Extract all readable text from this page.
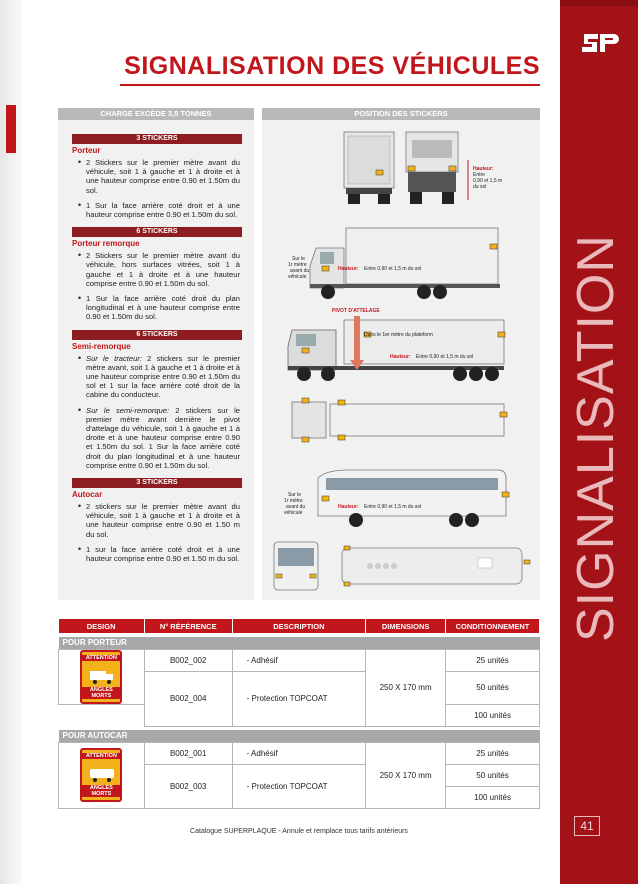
SIGNALISATION
41
SIGNALISATION DES VÉHICULES
CHARGE EXCÈDE 3,5 TONNES
3 STICKERS
Porteur
• 2 Stickers sur le premier mètre avant du véhicule, soit 1 à gauche et 1 à droite et à une hauteur comprise entre 0.90 et 1.50m du sol.
• 1 Sur la face arrière coté droit et à une hauteur comprise entre 0.90 et 1.50m du sol.
6 STICKERS
Porteur remorque
• 2 Stickers sur le premier mètre avant du véhicule, hors surfaces vitrées, soit 1 à gauche et 1 à droite et à une hauteur comprise entre 0.90 et 1.50m du sol.
• 1 Sur la face arrière coté droit du plan longitudinal et à une hauteur comprise entre 0.90 et 1.50m du sol.
6 STICKERS
Semi-remorque
• Sur le tracteur: 2 stickers sur le premier mètre avant, soit 1 à gauche et 1 à droite et à une hauteur comprise entre 0.90 et 1.50m du sol et 1 sur la face arrière coté droit de la cabine du conducteur.
• Sur le semi-remorque: 2 stickers sur le premier mètre avant derrière le pivot d'attelage du véhicule, soit 1 à gauche et 1 à droite et à une hauteur comprise entre 0.90 et 1.50m du sol. 1 Sur la face arrière coté droit du plan longitudinal et à une hauteur comprise entre 0.90 et 1.50m du sol.
3 STICKERS
Autocar
• 2 stickers sur le premier mètre avant du véhicule, soit 1 à gauche et 1 à droite et à une hauteur comprise entre 0.90 et 1.50 m du sol.
• 1 sur la face arrière coté droit et à une hauteur comprise entre 0.90 et 1.50 m du sol.
POSITION DES STICKERS
Hauteur:
Entre
0,90 et 1,5 m
du sol
Sur le
1r mètre
avant du
véhicule
Hauteur: Entre 0,90 et 1,5 m du sol
PIVOT D'ATTELAGE
Dans le 1er mètre du plateform
Hauteur: Entre 0,90 et 1,5 m du sol
Sur le
1r mètre
avant du
véhicule
Hauteur: Entre 0,90 et 1,5 m du sol
DESIGN	N° RÉFÉRENCE	DESCRIPTION	DIMENSIONS	CONDITIONNEMENT

POUR PORTEUR				

ATTENTION
ANGLES
MORTS	B002_002	- Adhésif	250 X 170 mm	25 unités

	B002_004	- Protection TOPCOAT		50 unités
				100 unités

POUR AUTOCAR				

ATTENTION
ANGLES
MORTS	B002_001	- Adhésif	250 X 170 mm	25 unités
	B002_003	- Protection TOPCOAT		50 unités
				100 unités
Catalogue SUPERPLAQUE - Annule et remplace tous tarifs antérieurs
